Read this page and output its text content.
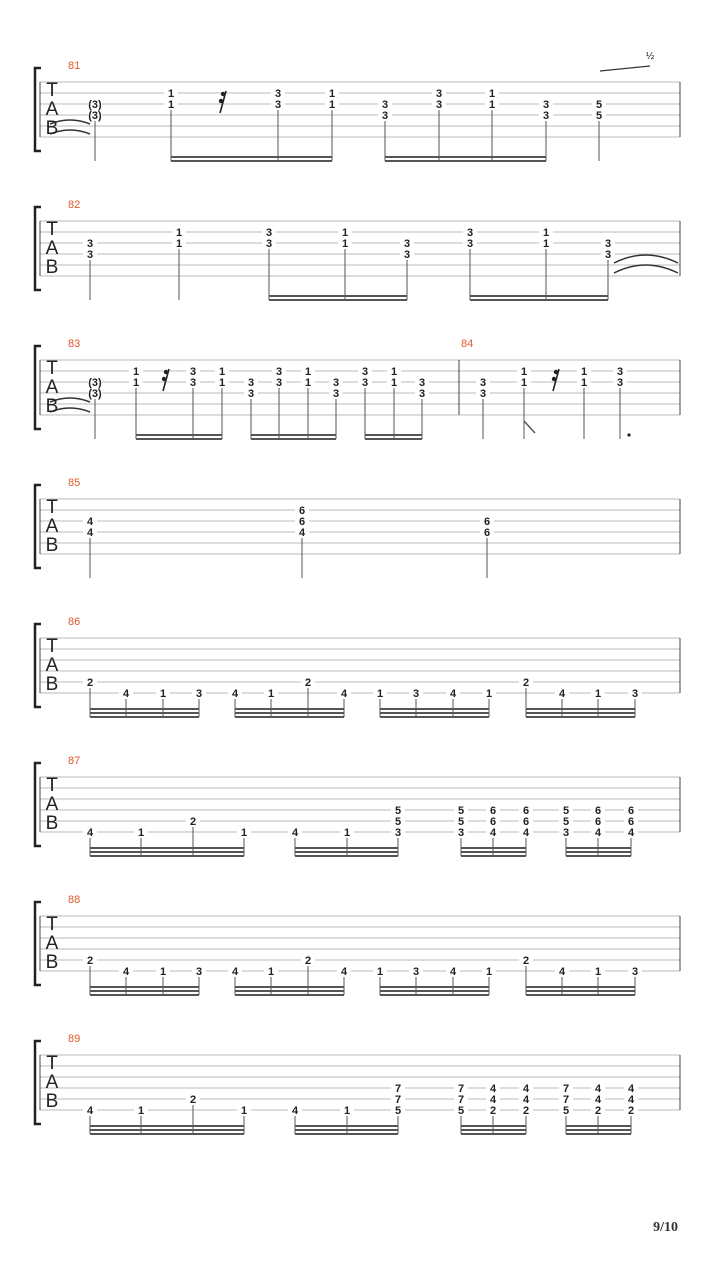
T
A
B
81
(3)
(3)
1
1
3
3
1
1	3
3
3
3
1
1	3
3
5
5
T
A
B
82
3
3
1
1
3
3
1
1	3
3
3
3
1
1	3
3
T
A
B
83
(3)
(3)
1
1
3
3
1
1 3
3
3
3
1
1 3
3
3
3
1
1 3
3
84
3
3
1
1
1
1
3
3
T
A
B
85
4
4
6
6
4
6
6
T
A
B
86
2
4	1	3	4	1
2
4	1	3	4	1
2
4	1	3
T
A
B
87
4	1
2
1	4	1
5
5
3
5
5
3
6
6
4
6
6
4
5
5
3
6
6
4
6
6
4
T
A
B
88
2
4	1	3	4	1
2
4	1	3	4	1
2
4	1	3
T
A
B
89
4	1
2
1	4	1
7
7
5
7
7
5
4
4
2
4
4
2
7
7
5
4
4
2
4
4
2
½
9/10
